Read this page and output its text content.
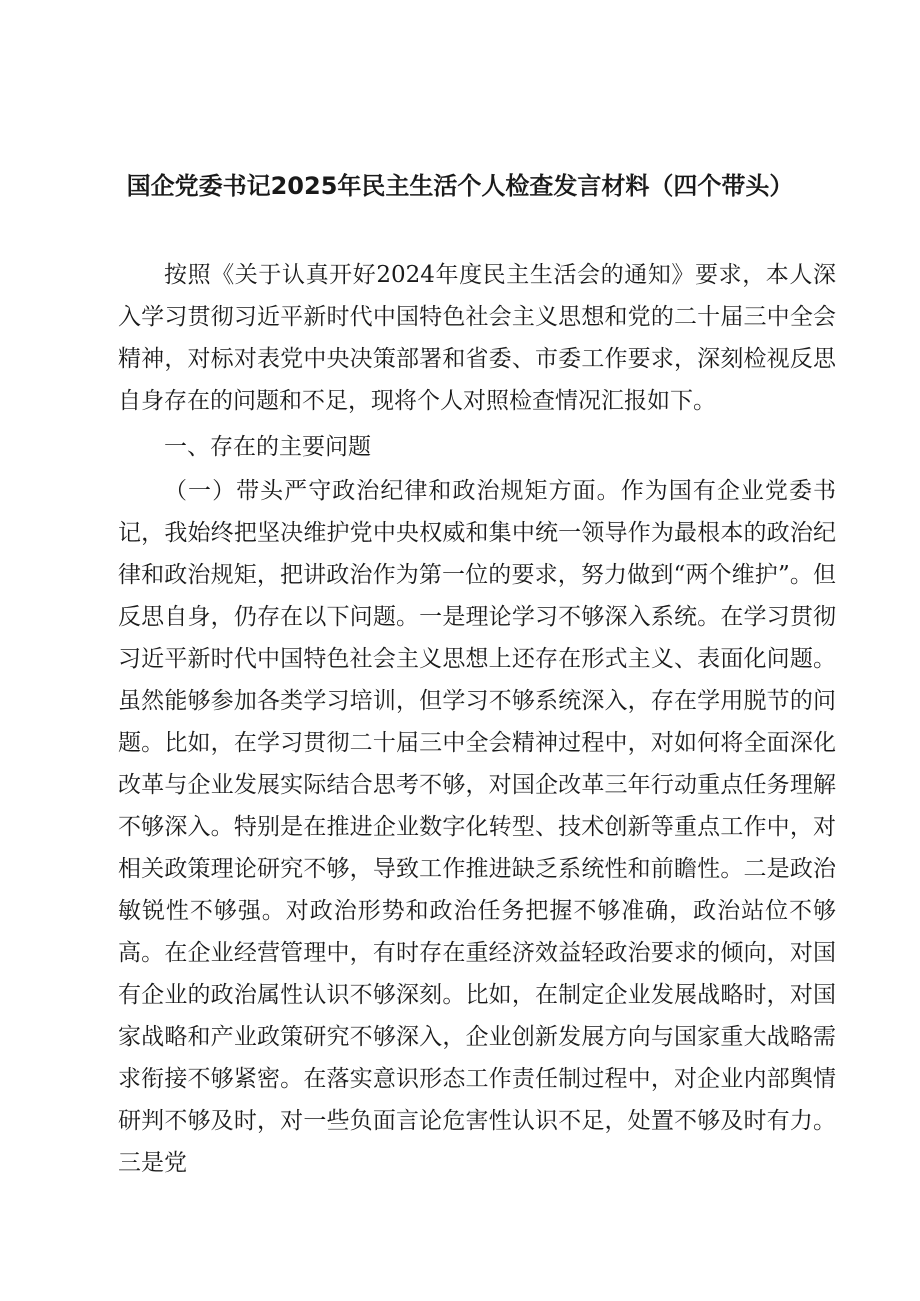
国企党委书记2025年民主生活个人检查发言材料（四个带头）
按照《关于认真开好2024年度民主生活会的通知》要求，本人深入学习贯彻习近平新时代中国特色社会主义思想和党的二十届三中全会精神，对标对表党中央决策部署和省委、市委工作要求，深刻检视反思自身存在的问题和不足，现将个人对照检查情况汇报如下。
一、存在的主要问题
（一）带头严守政治纪律和政治规矩方面。作为国有企业党委书记，我始终把坚决维护党中央权威和集中统一领导作为最根本的政治纪律和政治规矩，把讲政治作为第一位的要求，努力做到“两个维护”。但反思自身，仍存在以下问题。一是理论学习不够深入系统。在学习贯彻习近平新时代中国特色社会主义思想上还存在形式主义、表面化问题。虽然能够参加各类学习培训，但学习不够系统深入，存在学用脱节的问题。比如，在学习贯彻二十届三中全会精神过程中，对如何将全面深化改革与企业发展实际结合思考不够，对国企改革三年行动重点任务理解不够深入。特别是在推进企业数字化转型、技术创新等重点工作中，对相关政策理论研究不够，导致工作推进缺乏系统性和前瞻性。二是政治敏锐性不够强。对政治形势和政治任务把握不够准确，政治站位不够高。在企业经营管理中，有时存在重经济效益轻政治要求的倾向，对国有企业的政治属性认识不够深刻。比如，在制定企业发展战略时，对国家战略和产业政策研究不够深入，企业创新发展方向与国家重大战略需求衔接不够紧密。在落实意识形态工作责任制过程中，对企业内部舆情研判不够及时，对一些负面言论危害性认识不足，处置不够及时有力。三是党
